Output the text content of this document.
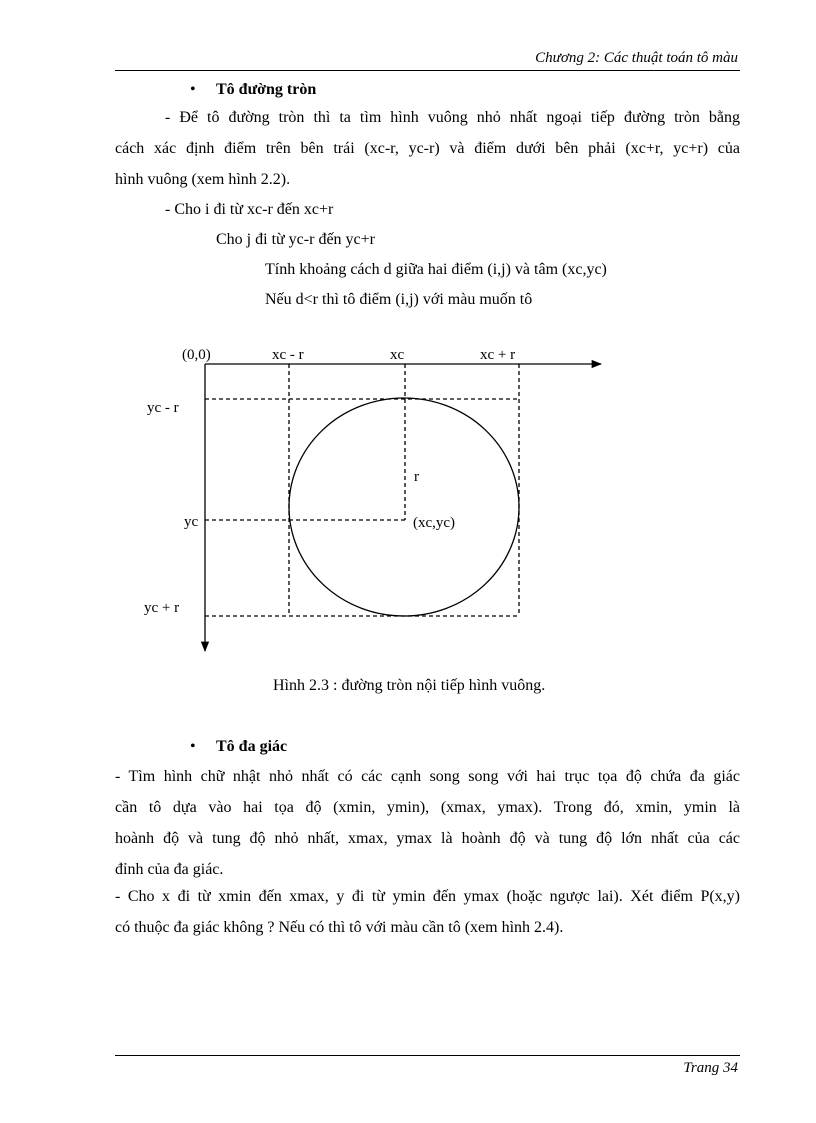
Chương 2: Các thuật toán tô màu
• Tô đường tròn
- Để tô đường tròn thì ta tìm hình vuông nhỏ nhất ngoại tiếp đường tròn bằng
cách xác định điểm trên bên trái (xc-r, yc-r) và điểm dưới bên phải (xc+r, yc+r) của
hình vuông (xem hình 2.2).
- Cho i đi từ xc-r đến xc+r
Cho j đi từ yc-r đến yc+r
Tính khoảng cách d giữa hai điểm (i,j) và tâm (xc,yc)
Nếu d<r thì tô điểm (i,j) với màu muốn tô
(0,0)	xc - r	xc	xc + r
yc - r
yc
yc + r
r
(xc,yc)
Hình 2.3 : đường tròn nội tiếp hình vuông.
• Tô đa giác
- Tìm hình chữ nhật nhỏ nhất có các cạnh song song với hai trục tọa độ chứa đa giác
cần tô dựa vào hai tọa độ (xmin, ymin), (xmax, ymax). Trong đó, xmin, ymin là
hoành độ và tung độ nhỏ nhất, xmax, ymax là hoành độ và tung độ lớn nhất của các
đỉnh của đa giác.
- Cho x đi từ xmin đến xmax, y đi từ ymin đến ymax (hoặc ngược lai). Xét điểm P(x,y)
có thuộc đa giác không ? Nếu có thì tô với màu cần tô (xem hình 2.4).
Trang 34
